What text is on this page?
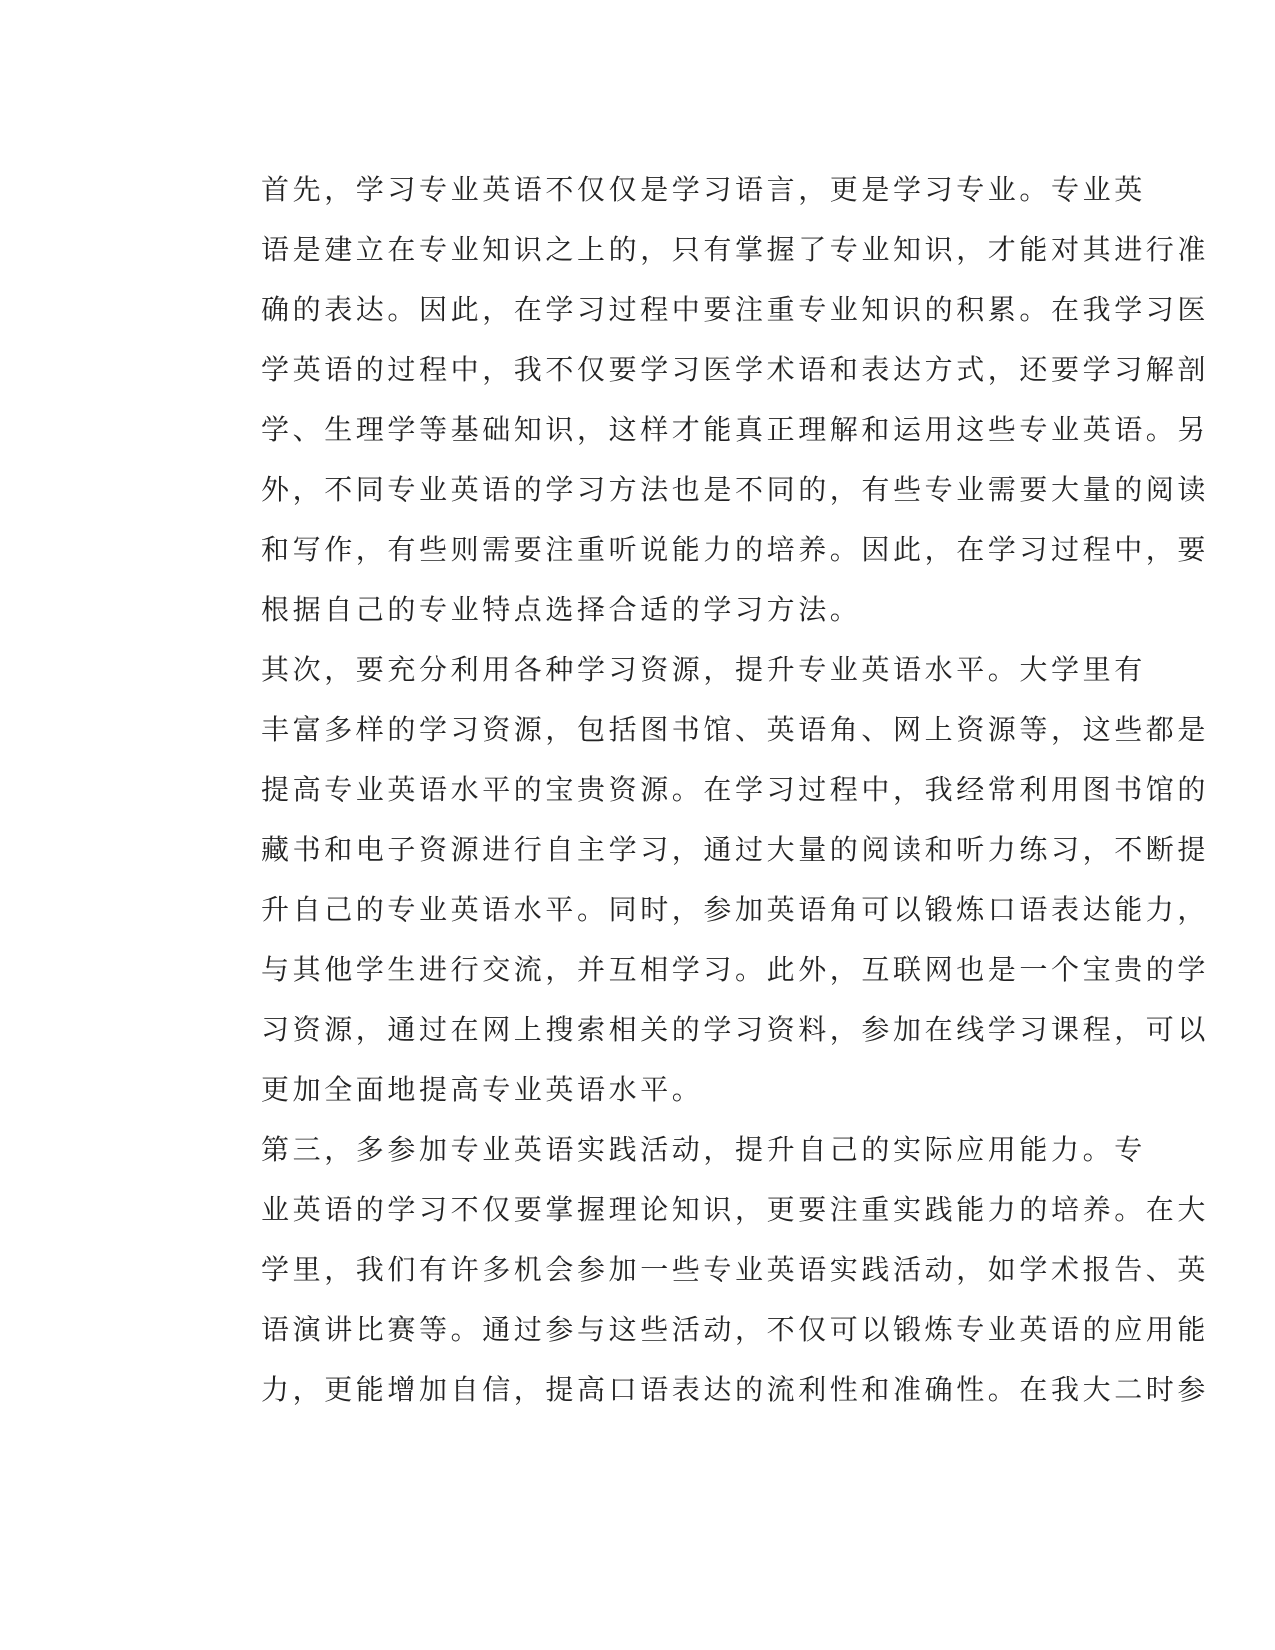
首先，学习专业英语不仅仅是学习语言，更是学习专业。专业英
语是建立在专业知识之上的，只有掌握了专业知识，才能对其进行准
确的表达。因此，在学习过程中要注重专业知识的积累。在我学习医
学英语的过程中，我不仅要学习医学术语和表达方式，还要学习解剖
学、生理学等基础知识，这样才能真正理解和运用这些专业英语。另
外，不同专业英语的学习方法也是不同的，有些专业需要大量的阅读
和写作，有些则需要注重听说能力的培养。因此，在学习过程中，要
根据自己的专业特点选择合适的学习方法。

其次，要充分利用各种学习资源，提升专业英语水平。大学里有
丰富多样的学习资源，包括图书馆、英语角、网上资源等，这些都是
提高专业英语水平的宝贵资源。在学习过程中，我经常利用图书馆的
藏书和电子资源进行自主学习，通过大量的阅读和听力练习，不断提
升自己的专业英语水平。同时，参加英语角可以锻炼口语表达能力，
与其他学生进行交流，并互相学习。此外，互联网也是一个宝贵的学
习资源，通过在网上搜索相关的学习资料，参加在线学习课程，可以
更加全面地提高专业英语水平。

第三，多参加专业英语实践活动，提升自己的实际应用能力。专
业英语的学习不仅要掌握理论知识，更要注重实践能力的培养。在大
学里，我们有许多机会参加一些专业英语实践活动，如学术报告、英
语演讲比赛等。通过参与这些活动，不仅可以锻炼专业英语的应用能
力，更能增加自信，提高口语表达的流利性和准确性。在我大二时参
